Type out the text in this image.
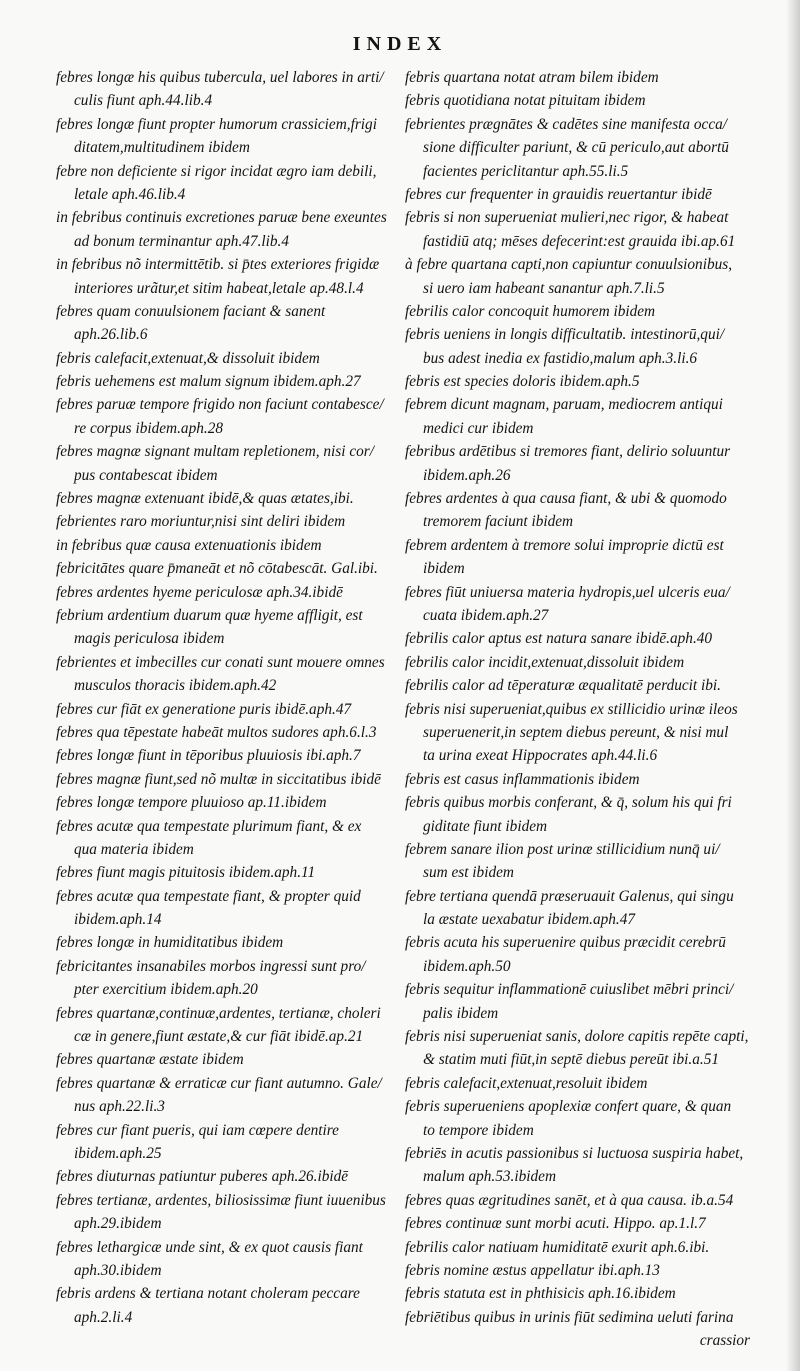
INDEX
febres longæ his quibus tubercula, uel labores in arti/
culis fiunt aph.44.lib.4
febres longæ fiunt propter humorum crassiciem,frigi
ditatem,multitudinem ibidem
febre non deficiente si rigor incidat ægro iam debili,
letale aph.46.lib.4
in febribus continuis excretiones paruæ bene exeuntes
ad bonum terminantur aph.47.lib.4
in febribus nõ intermittētib. si p̄tes exteriores frigidæ
interiores urãtur,et sitim habeat,letale ap.48.l.4
febres quam conuulsionem faciant & sanent
aph.26.lib.6
febris calefacit,extenuat,& dissoluit ibidem
febris uehemens est malum signum ibidem.aph.27
febres paruæ tempore frigido non faciunt contabesce/
re corpus ibidem.aph.28
febres magnæ signant multam repletionem, nisi cor/
pus contabescat ibidem
febres magnæ extenuant ibidē,& quas ætates,ibi.
febrientes raro moriuntur,nisi sint deliri ibidem
in febribus quæ causa extenuationis ibidem
febricitātes quare p̄maneāt et nõ cōtabescāt. Gal.ibi.
febres ardentes hyeme periculosæ aph.34.ibidē
febrium ardentium duarum quæ hyeme affligit, est
magis periculosa ibidem
febrientes et imbecilles cur conati sunt mouere omnes
musculos thoracis ibidem.aph.42
febres cur fiāt ex generatione puris ibidē.aph.47
febres qua tēpestate habeāt multos sudores aph.6.l.3
febres longæ fiunt in tēporibus pluuiosis ibi.aph.7
febres magnæ fiunt,sed nõ multæ in siccitatibus ibidē
febres longæ tempore pluuioso ap.11.ibidem
febres acutæ qua tempestate plurimum fiant, & ex
qua materia ibidem
febres fiunt magis pituitosis ibidem.aph.11
febres acutæ qua tempestate fiant, & propter quid
ibidem.aph.14
febres longæ in humiditatibus ibidem
febricitantes insanabiles morbos ingressi sunt pro/
pter exercitium ibidem.aph.20
febres quartanæ,continuæ,ardentes, tertianæ, choleri
cæ in genere,fiunt æstate,& cur fiāt ibidē.ap.21
febres quartanæ æstate ibidem
febres quartanæ & erraticæ cur fiant autumno. Gale/
nus aph.22.li.3
febres cur fiant pueris, qui iam cœpere dentire
ibidem.aph.25
febres diuturnas patiuntur puberes aph.26.ibidē
febres tertianæ, ardentes, biliosissimæ fiunt iuuenibus
aph.29.ibidem
febres lethargicæ unde sint, & ex quot causis fiant
aph.30.ibidem
febris ardens & tertiana notant choleram peccare
aph.2.li.4
febris quartana notat atram bilem ibidem
febris quotidiana notat pituitam ibidem
febrientes prægnātes & cadētes sine manifesta occa/
sione difficulter pariunt, & cū periculo,aut abortū
facientes periclitantur aph.55.li.5
febres cur frequenter in grauidis reuertantur ibidē
febris si non superueniat mulieri,nec rigor, & habeat
fastidiū atq; mēses defecerint:est grauida ibi.ap.61
à febre quartana capti,non capiuntur conuulsionibus,
si uero iam habeant sanantur aph.7.li.5
febrilis calor concoquit humorem ibidem
febris ueniens in longis difficultatib. intestinorū,qui/
bus adest inedia ex fastidio,malum aph.3.li.6
febris est species doloris ibidem.aph.5
febrem dicunt magnam, paruam, mediocrem antiqui
medici cur ibidem
febribus ardētibus si tremores fiant, delirio soluuntur
ibidem.aph.26
febres ardentes à qua causa fiant, & ubi & quomodo
tremorem faciunt ibidem
febrem ardentem à tremore solui improprie dictū est
ibidem
febres fiūt uniuersa materia hydropis,uel ulceris eua/
cuata ibidem.aph.27
febrilis calor aptus est natura sanare ibidē.aph.40
febrilis calor incidit,extenuat,dissoluit ibidem
febrilis calor ad tēperaturæ æqualitatē perducit ibi.
febris nisi superueniat,quibus ex stillicidio urinæ ileos
superuenerit,in septem diebus pereunt, & nisi mul
ta urina exeat Hippocrates aph.44.li.6
febris est casus inflammationis ibidem
febris quibus morbis conferant, & q̄, solum his qui fri
giditate fiunt ibidem
febrem sanare ilion post urinæ stillicidium nunq̄ ui/
sum est ibidem
febre tertiana quendā præseruauit Galenus, qui singu
la æstate uexabatur ibidem.aph.47
febris acuta his superuenire quibus præcidit cerebrū
ibidem.aph.50
febris sequitur inflammationē cuiuslibet mēbri princi/
palis ibidem
febris nisi superueniat sanis, dolore capitis repēte capti,
& statim muti fiūt,in septē diebus pereūt ibi.a.51
febris calefacit,extenuat,resoluit ibidem
febris superueniens apoplexiæ confert quare, & quan
to tempore ibidem
febriēs in acutis passionibus si luctuosa suspiria habet,
malum aph.53.ibidem
febres quas ægritudines sanēt, et à qua causa. ib.a.54
febres continuæ sunt morbi acuti. Hippo. ap.1.l.7
febrilis calor natiuam humiditatē exurit aph.6.ibi.
febris nomine æstus appellatur ibi.aph.13
febris statuta est in phthisicis aph.16.ibidem
febriētibus quibus in urinis fiūt sedimina ueluti farina
crassior
